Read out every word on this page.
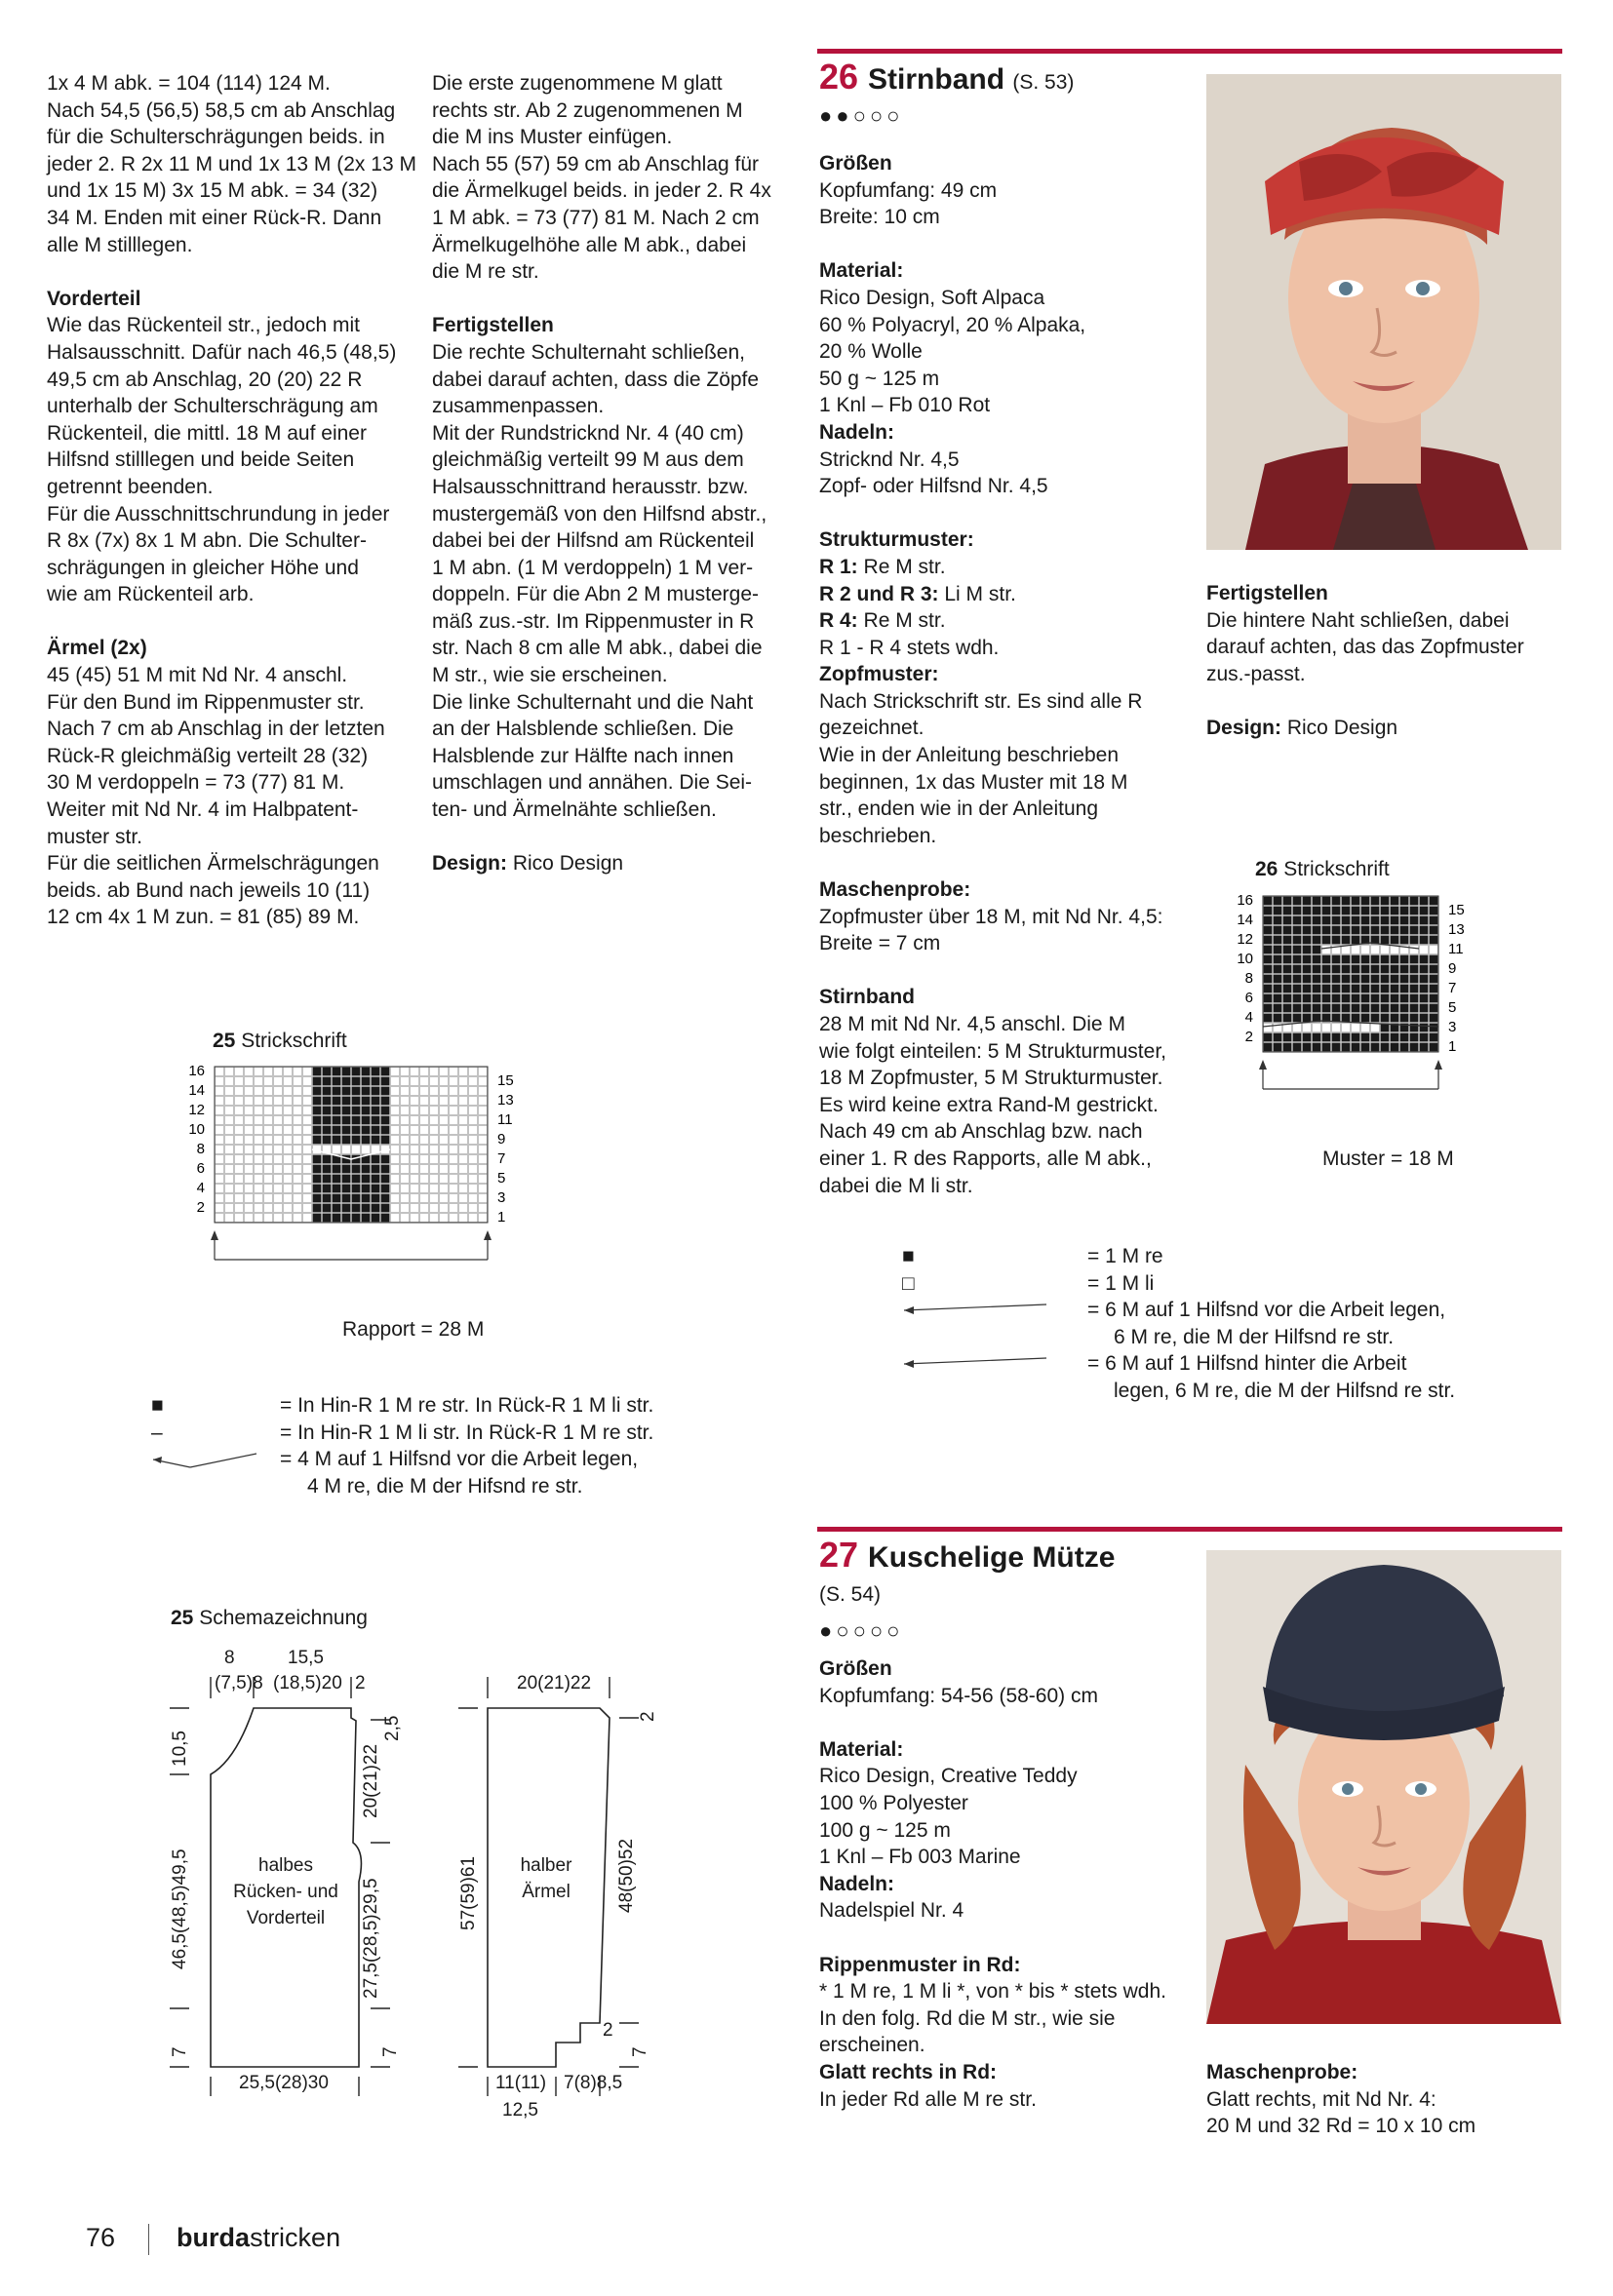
1x 4 M abk. = 104 (114) 124 M.

Nach 54,5 (56,5) 58,5 cm ab Anschlag

für die Schulterschrägungen beids. in

jeder 2. R 2x 11 M und 1x 13 M (2x 13 M

und 1x 15 M) 3x 15 M abk. = 34 (32)

34 M. Enden mit einer Rück-R. Dann

alle M stilllegen.

Vorderteil

Wie das Rückenteil str., jedoch mit

Halsausschnitt. Dafür nach 46,5 (48,5)

49,5 cm ab Anschlag, 20 (20) 22 R

unterhalb der Schulterschrägung am

Rückenteil, die mittl. 18 M auf einer

Hilfsnd stilllegen und beide Seiten

getrennt beenden.

Für die Ausschnittschrundung in jeder

R 8x (7x) 8x 1 M abn. Die Schulter-

schrägungen in gleicher Höhe und

wie am Rückenteil arb.

Ärmel (2x)

45 (45) 51 M mit Nd Nr. 4 anschl.

Für den Bund im Rippenmuster str.

Nach 7 cm ab Anschlag in der letzten

Rück-R gleichmäßig verteilt 28 (32)

30 M verdoppeln = 73 (77) 81 M.

Weiter mit Nd Nr. 4 im Halbpatent-

muster str.

Für die seitlichen Ärmelschrägungen

beids. ab Bund nach jeweils 10 (11)

12 cm 4x 1 M zun. = 81 (85) 89 M.

Die erste zugenommene M glatt

rechts str. Ab 2 zugenommenen M

die M ins Muster einfügen.

Nach 55 (57) 59 cm ab Anschlag für

die Ärmelkugel beids. in jeder 2. R 4x

1 M abk. = 73 (77) 81 M. Nach 2 cm

Ärmelkugelhöhe alle M abk., dabei

die M re str.

Fertigstellen

Die rechte Schulternaht schließen,

dabei darauf achten, dass die Zöpfe

zusammenpassen.

Mit der Rundstricknd Nr. 4 (40 cm)

gleichmäßig verteilt 99 M aus dem

Halsausschnittrand herausstr. bzw.

mustergemäß von den Hilfsnd abstr.,

dabei bei der Hilfsnd am Rückenteil

1 M abn. (1 M verdoppeln) 1 M ver-

doppeln. Für die Abn 2 M musterge-

mäß zus.-str. Im Rippenmuster in R

str. Nach 8 cm alle M abk., dabei die

M str., wie sie erscheinen.

Die linke Schulternaht und die Naht

an der Halsblende schließen. Die

Halsblende zur Hälfte nach innen

umschlagen und annähen. Die Sei-

ten- und Ärmelnähte schließen.

Design: Rico Design

26 Stirnband (S. 53)
●●○○○

Größen

Kopfumfang: 49 cm

Breite: 10 cm

Material:

Rico Design, Soft Alpaca

60 % Polyacryl, 20 % Alpaka,

20 % Wolle

50 g ~ 125 m

1 Knl – Fb 010 Rot

Nadeln:

Stricknd Nr. 4,5

Zopf- oder Hilfsnd Nr. 4,5

Strukturmuster:

R 1: Re M str.

R 2 und R 3: Li M str.

R 4: Re M str.

R 1 - R 4 stets wdh.

Zopfmuster:

Nach Strickschrift str. Es sind alle R

gezeichnet.

Wie in der Anleitung beschrieben

beginnen, 1x das Muster mit 18 M

str., enden wie in der Anleitung

beschrieben.

Maschenprobe:

Zopfmuster über 18 M, mit Nd Nr. 4,5:

Breite = 7 cm

Stirnband

28 M mit Nd Nr. 4,5 anschl. Die M

wie folgt einteilen: 5 M Strukturmuster,

18 M Zopfmuster, 5 M Strukturmuster.

Es wird keine extra Rand-M gestrickt.

Nach 49 cm ab Anschlag bzw. nach

einer 1. R des Rapports, alle M abk.,

dabei die M li str.

Fertigstellen

Die hintere Naht schließen, dabei

darauf achten, das das Zopfmuster

zus.-passt.

Design: Rico Design

26 Strickschrift
16
14
12
10
8
6
4
2
15
13
11
9
7
5
3
1
Muster = 18 M
■	= 1 M re
□	= 1 M li
= 6 M auf 1 Hilfsnd vor die Arbeit legen,
6 M re, die M der Hilfsnd re str.
= 6 M auf 1 Hilfsnd hinter die Arbeit
legen, 6 M re, die M der Hilfsnd re str.
25 Strickschrift
16
14
12
10
8
6
4
2
15
13
11
9
7
5
3
1
Rapport = 28 M
■	= In Hin-R 1 M re str. In Rück-R 1 M li str.
–	= In Hin-R 1 M li str. In Rück-R 1 M re str.
= 4 M auf 1 Hilfsnd vor die Arbeit legen,
4 M re, die M der Hifsnd re str.
25 Schemazeichnung
8
(7,5)8
15,5
(18,5)20 2
2,5
20(21)22
27,5(28,5)29,5
7
10,5
46,5(48,5)49,5
7
halbes
Rücken- und
Vorderteil
25,5(28)30
20(21)22
2
57(59)61	48(50)52
2
7
halber
Ärmel
11(11)
12,5
7(8)8,5
27 Kuschelige Mütze

(S. 54)

●○○○○

Größen

Kopfumfang: 54-56 (58-60) cm

Material:

Rico Design, Creative Teddy

100 % Polyester

100 g ~ 125 m

1 Knl – Fb 003 Marine

Nadeln:

Nadelspiel Nr. 4

Rippenmuster in Rd:

* 1 M re, 1 M li *, von * bis * stets wdh.

In den folg. Rd die M str., wie sie

erscheinen.

Glatt rechts in Rd:

In jeder Rd alle M re str.

Maschenprobe:

Glatt rechts, mit Nd Nr. 4:

20 M und 32 Rd = 10 x 10 cm

76 burdastricken
